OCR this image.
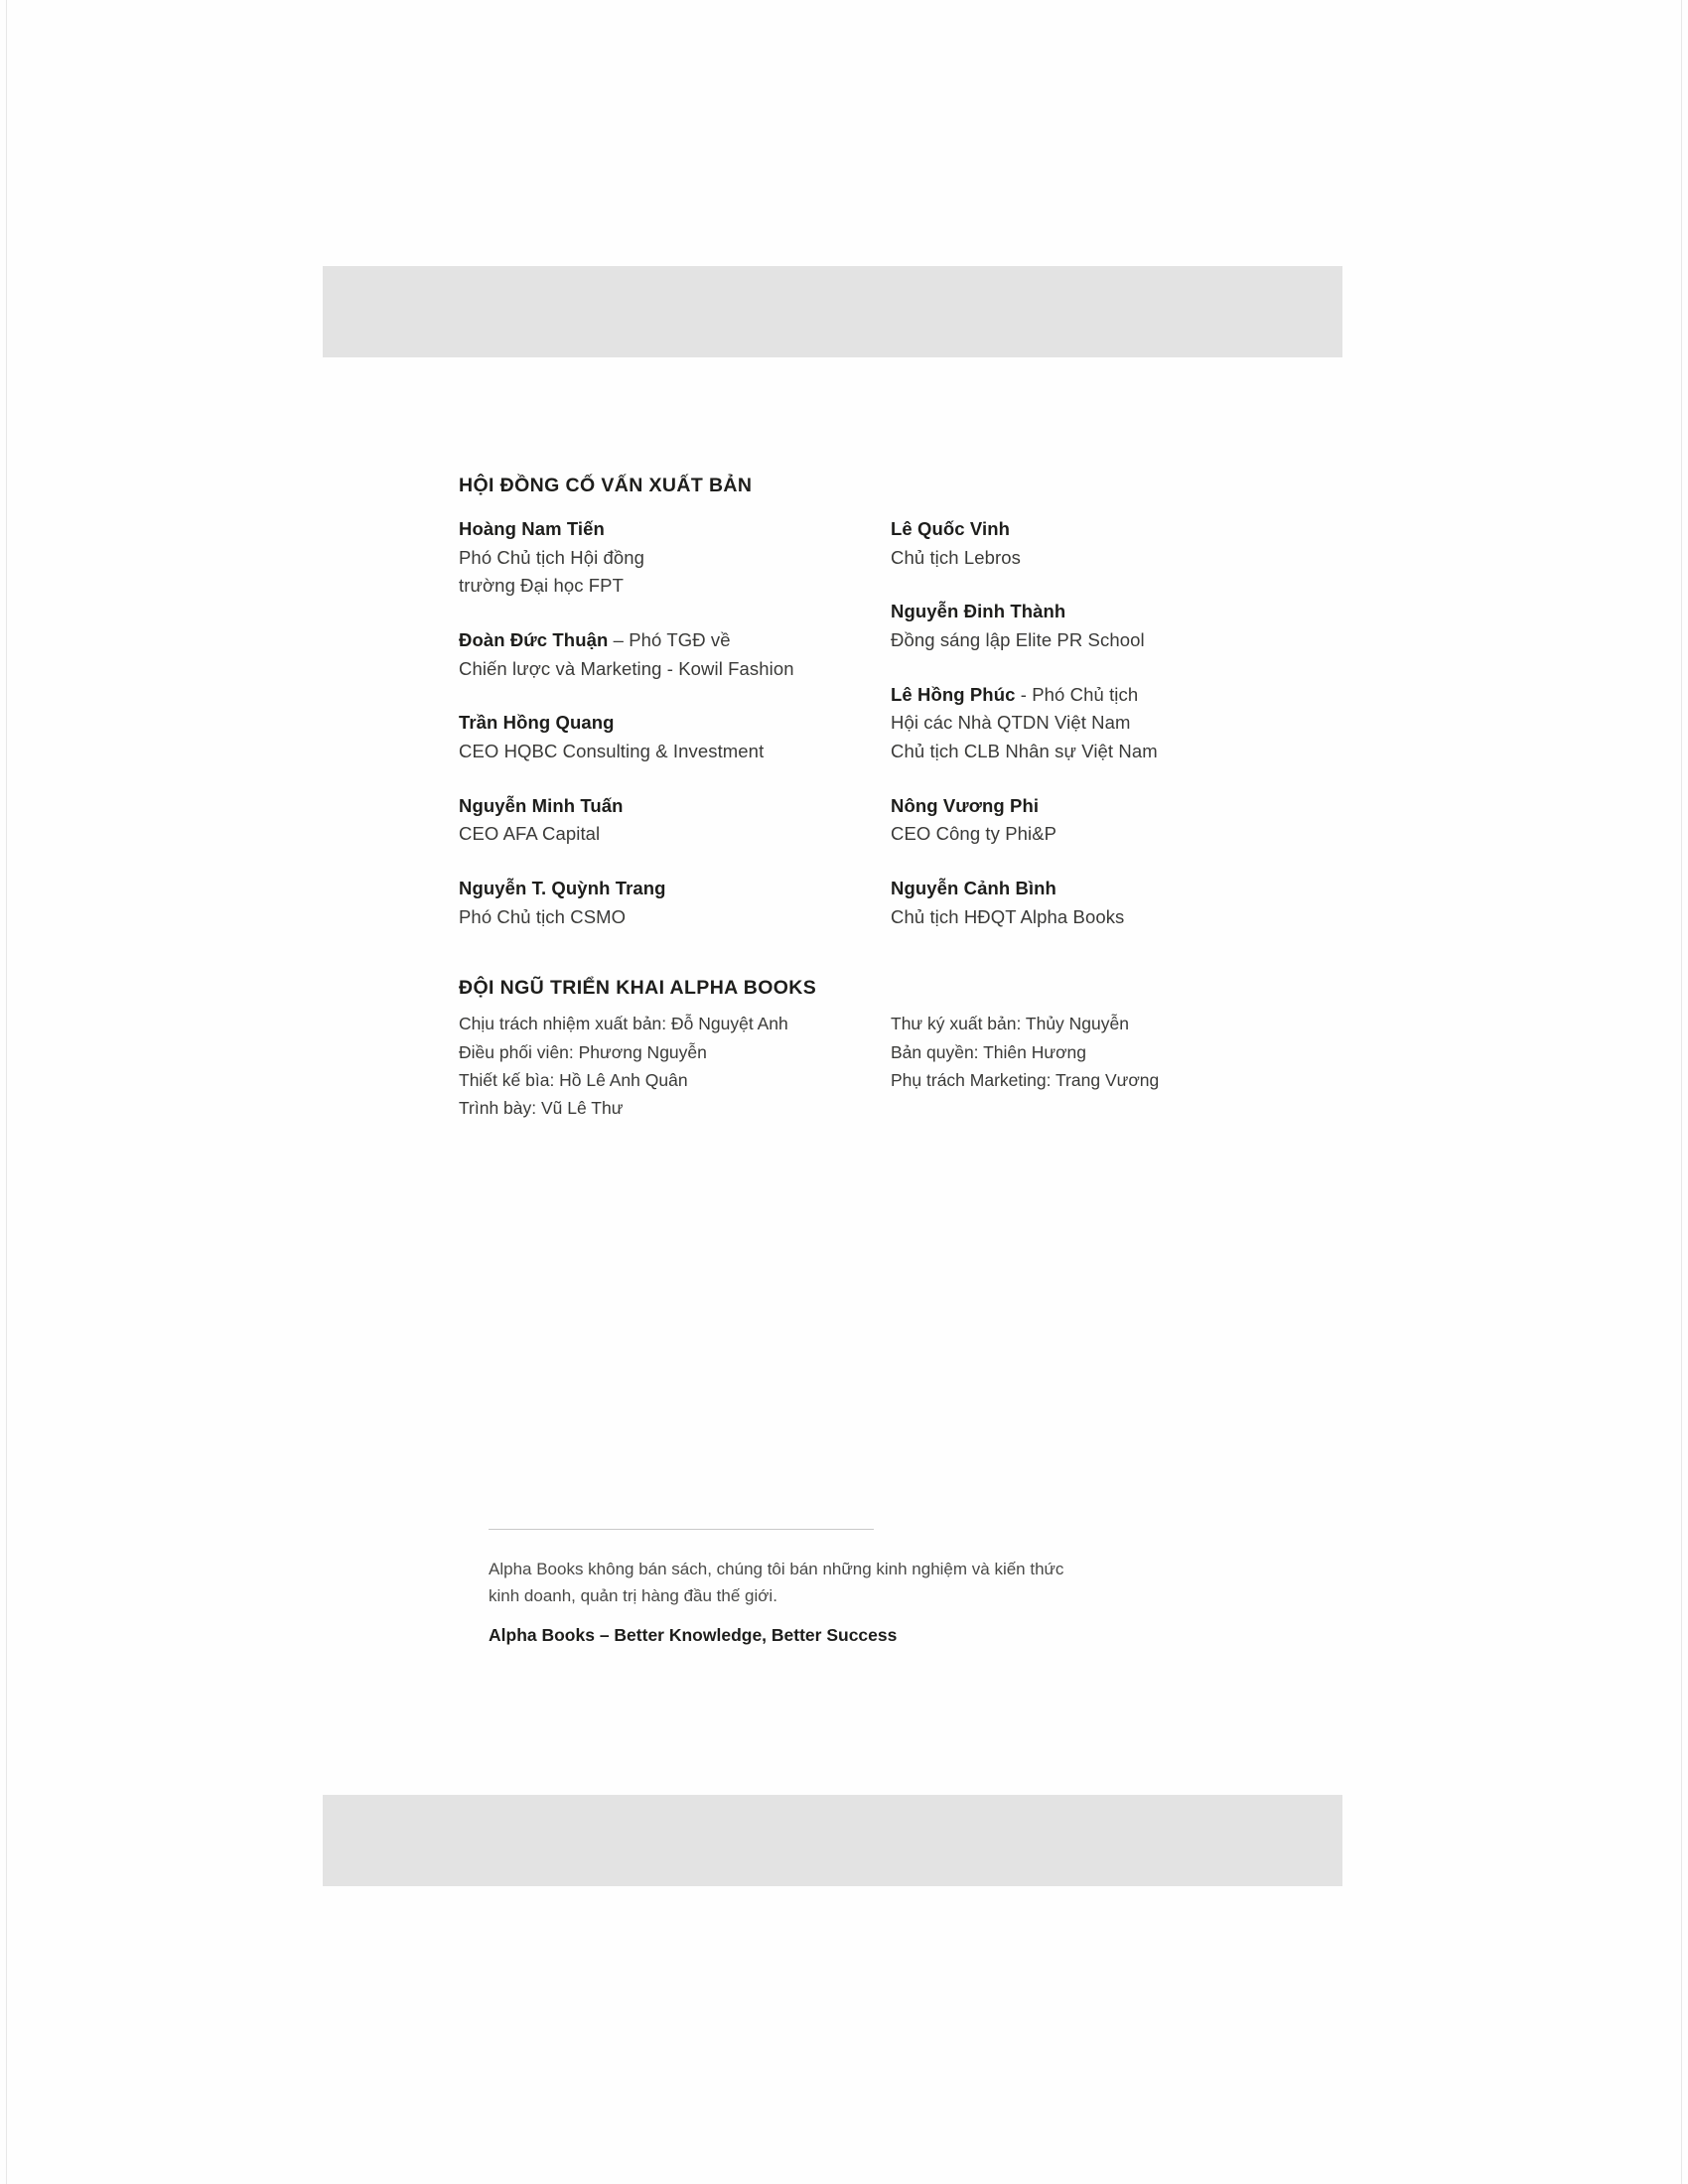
HỘI ĐỒNG CỐ VẤN XUẤT BẢN
Hoàng Nam Tiến
Phó Chủ tịch Hội đồng
trường Đại học FPT
Đoàn Đức Thuận – Phó TGĐ về
Chiến lược và Marketing - Kowil Fashion
Trần Hồng Quang
CEO HQBC Consulting & Investment
Nguyễn Minh Tuấn
CEO AFA Capital
Nguyễn T. Quỳnh Trang
Phó Chủ tịch CSMO
Lê Quốc Vinh
Chủ tịch Lebros
Nguyễn Đinh Thành
Đồng sáng lập Elite PR School
Lê Hồng Phúc - Phó Chủ tịch
Hội các Nhà QTDN Việt Nam
Chủ tịch CLB Nhân sự Việt Nam
Nông Vương Phi
CEO Công ty Phi&P
Nguyễn Cảnh Bình
Chủ tịch HĐQT Alpha Books
ĐỘI NGŨ TRIỂN KHAI ALPHA BOOKS
Chịu trách nhiệm xuất bản: Đỗ Nguyệt Anh
Điều phối viên: Phương Nguyễn
Thiết kế bìa: Hồ Lê Anh Quân
Trình bày: Vũ Lê Thư
Thư ký xuất bản: Thủy Nguyễn
Bản quyền: Thiên Hương
Phụ trách Marketing: Trang Vương

Alpha Books không bán sách, chúng tôi bán những kinh nghiệm và kiến thức

kinh doanh, quản trị hàng đầu thế giới.

Alpha Books – Better Knowledge, Better Success
